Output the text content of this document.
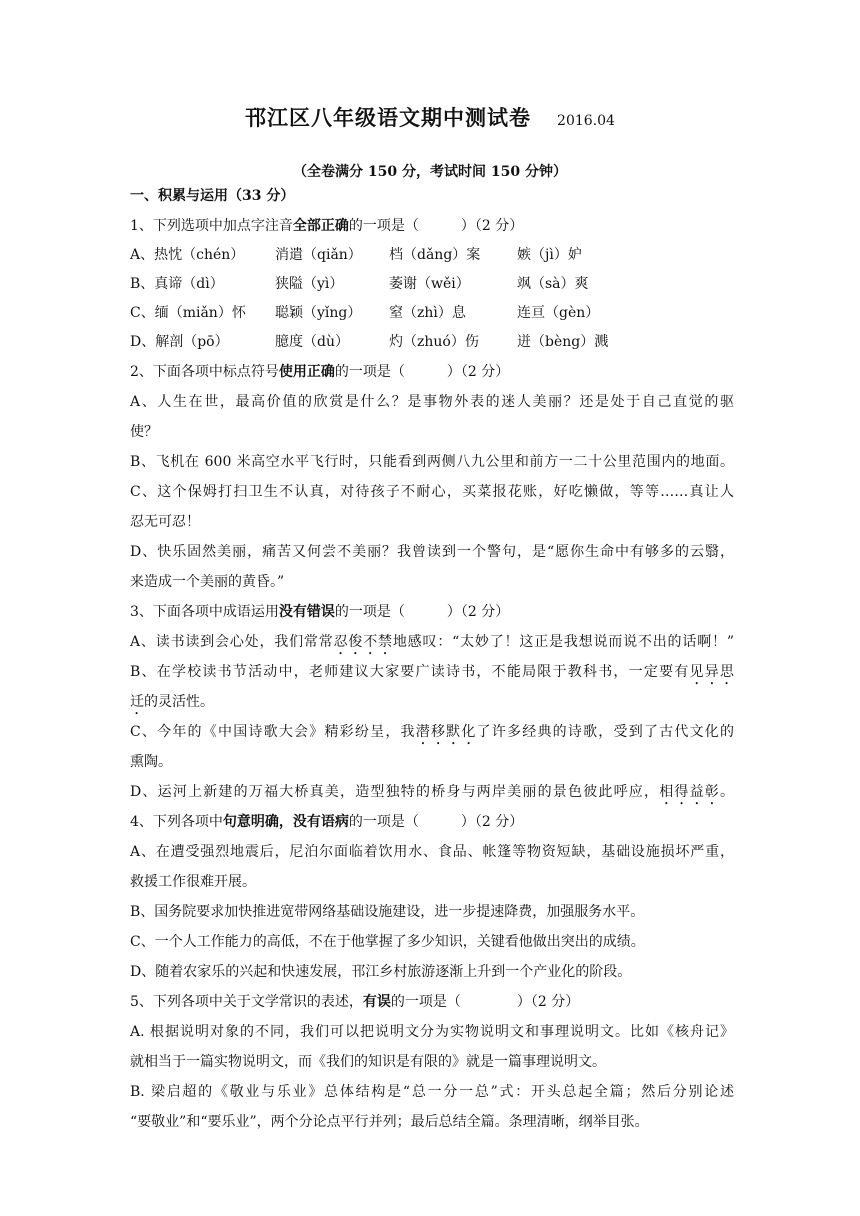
邗江区八年级语文期中测试卷 2016.04
（全卷满分 150 分，考试时间 150 分钟）
一、积累与运用（33 分）
1、下列选项中加点字注音全部正确的一项是（　　　）（2 分）
A、热忱（chén）	消遣（qiǎn）	档（dǎng）案	嫉（jì）妒
B、真谛（dì）	狭隘（yì）	萎谢（wěi）	飒（sà）爽
C、缅（miǎn）怀	聪颖（yǐng）	窒（zhì）息	连亘（gèn）
D、解剖（pō）	臆度（dù）	灼（zhuó）伤	迸（bèng）溅
2、下面各项中标点符号使用正确的一项是（　　　）（2 分）
A、人生在世，最高价值的欣赏是什么？是事物外表的迷人美丽？还是处于自己直觉的驱
使？
B、飞机在 600 米高空水平飞行时，只能看到两侧八九公里和前方一二十公里范围内的地面。
C、这个保姆打扫卫生不认真，对待孩子不耐心，买菜报花账，好吃懒做，等等……真让人
忍无可忍！
D、快乐固然美丽，痛苦又何尝不美丽？我曾读到一个警句，是“愿你生命中有够多的云翳，
来造成一个美丽的黄昏。”
3、下面各项中成语运用没有错误的一项是（　　　）（2 分）
A、读书读到会心处，我们常常忍俊不禁地感叹：“太妙了！这正是我想说而说不出的话啊！”
B、在学校读书节活动中，老师建议大家要广读诗书，不能局限于教科书，一定要有见异思
迁的灵活性。
C、今年的《中国诗歌大会》精彩纷呈，我潜移默化了许多经典的诗歌，受到了古代文化的
熏陶。
D、运河上新建的万福大桥真美，造型独特的桥身与两岸美丽的景色彼此呼应，相得益彰。
4、下列各项中句意明确，没有语病的一项是（　　　）（2 分）
A、在遭受强烈地震后，尼泊尔面临着饮用水、食品、帐篷等物资短缺，基础设施损坏严重，
救援工作很难开展。
B、国务院要求加快推进宽带网络基础设施建设，进一步提速降费，加强服务水平。
C、一个人工作能力的高低，不在于他掌握了多少知识，关键看他做出突出的成绩。
D、随着农家乐的兴起和快速发展，邗江乡村旅游逐渐上升到一个产业化的阶段。
5、下列各项中关于文学常识的表述，有误的一项是（　　　　）（2 分）
A. 根据说明对象的不同，我们可以把说明文分为实物说明文和事理说明文。比如《核舟记》
就相当于一篇实物说明文，而《我们的知识是有限的》就是一篇事理说明文。
B. 梁启超的《敬业与乐业》总体结构是“总一分一总”式：开头总起全篇；然后分别论述
“要敬业”和“要乐业”，两个分论点平行并列；最后总结全篇。条理清晰，纲举目张。
